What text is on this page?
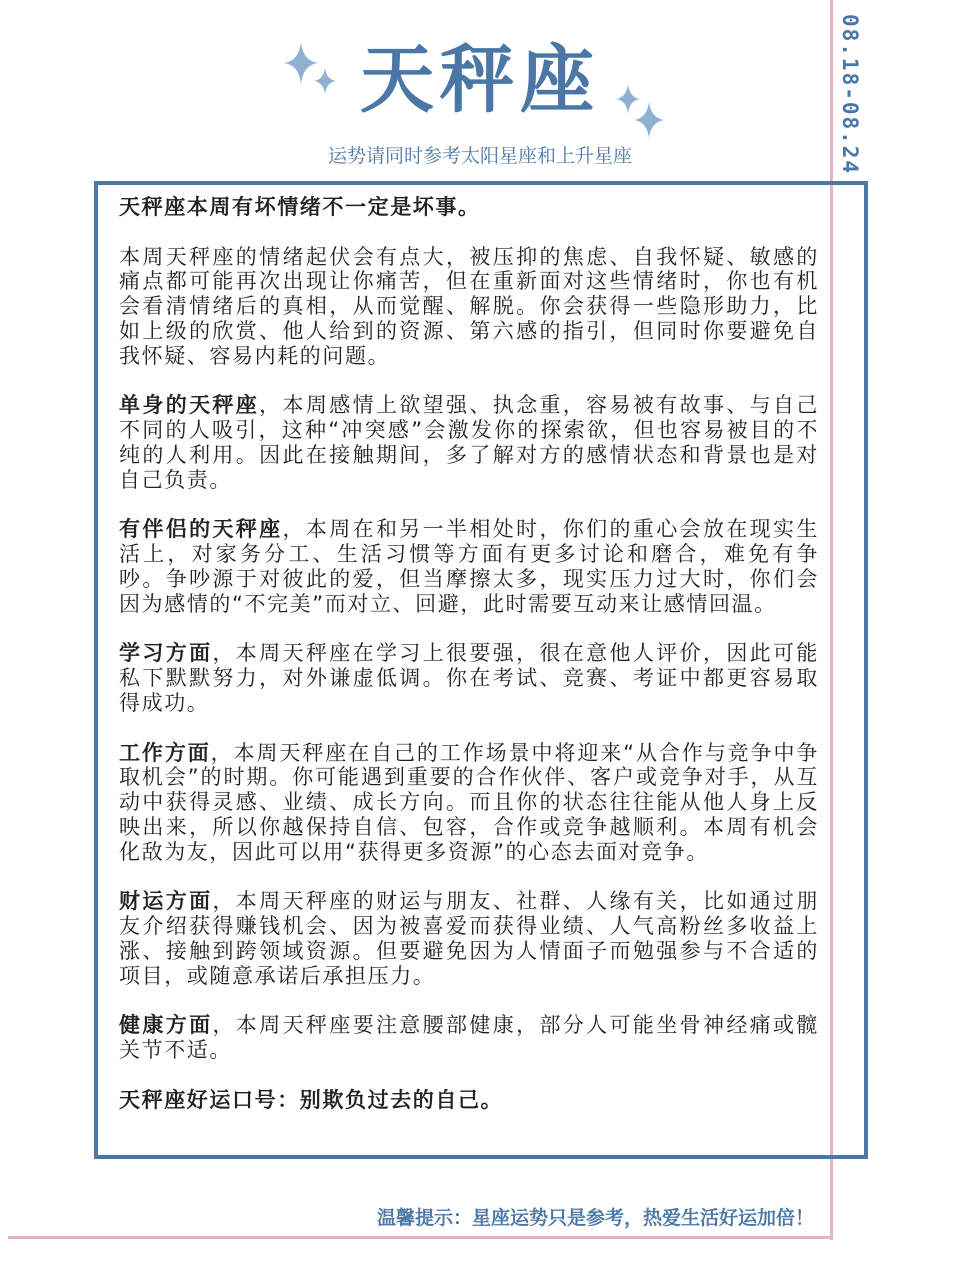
08.18-08.24
天秤座
运势请同时参考太阳星座和上升星座

天秤座本周有坏情绪不一定是坏事。

本周天秤座的情绪起伏会有点大，被压抑的焦虑、自我怀疑、敏感的痛点都可能再次出现让你痛苦，但在重新面对这些情绪时，你也有机会看清情绪后的真相，从而觉醒、解脱。你会获得一些隐形助力，比如上级的欣赏、他人给到的资源、第六感的指引，但同时你要避免自我怀疑、容易内耗的问题。

单身的天秤座，本周感情上欲望强、执念重，容易被有故事、与自己不同的人吸引，这种“冲突感”会激发你的探索欲，但也容易被目的不纯的人利用。因此在接触期间，多了解对方的感情状态和背景也是对自己负责。

有伴侣的天秤座，本周在和另一半相处时，你们的重心会放在现实生活上，对家务分工、生活习惯等方面有更多讨论和磨合，难免有争吵。争吵源于对彼此的爱，但当摩擦太多，现实压力过大时，你们会因为感情的“不完美”而对立、回避，此时需要互动来让感情回温。

学习方面，本周天秤座在学习上很要强，很在意他人评价，因此可能私下默默努力，对外谦虚低调。你在考试、竞赛、考证中都更容易取得成功。

工作方面，本周天秤座在自己的工作场景中将迎来“从合作与竞争中争取机会”的时期。你可能遇到重要的合作伙伴、客户或竞争对手，从互动中获得灵感、业绩、成长方向。而且你的状态往往能从他人身上反映出来，所以你越保持自信、包容，合作或竞争越顺利。本周有机会化敌为友，因此可以用“获得更多资源”的心态去面对竞争。

财运方面，本周天秤座的财运与朋友、社群、人缘有关，比如通过朋友介绍获得赚钱机会、因为被喜爱而获得业绩、人气高粉丝多收益上涨、接触到跨领域资源。但要避免因为人情面子而勉强参与不合适的项目，或随意承诺后承担压力。

健康方面，本周天秤座要注意腰部健康，部分人可能坐骨神经痛或髋关节不适。

天秤座好运口号：别欺负过去的自己。

温馨提示：星座运势只是参考，热爱生活好运加倍！
